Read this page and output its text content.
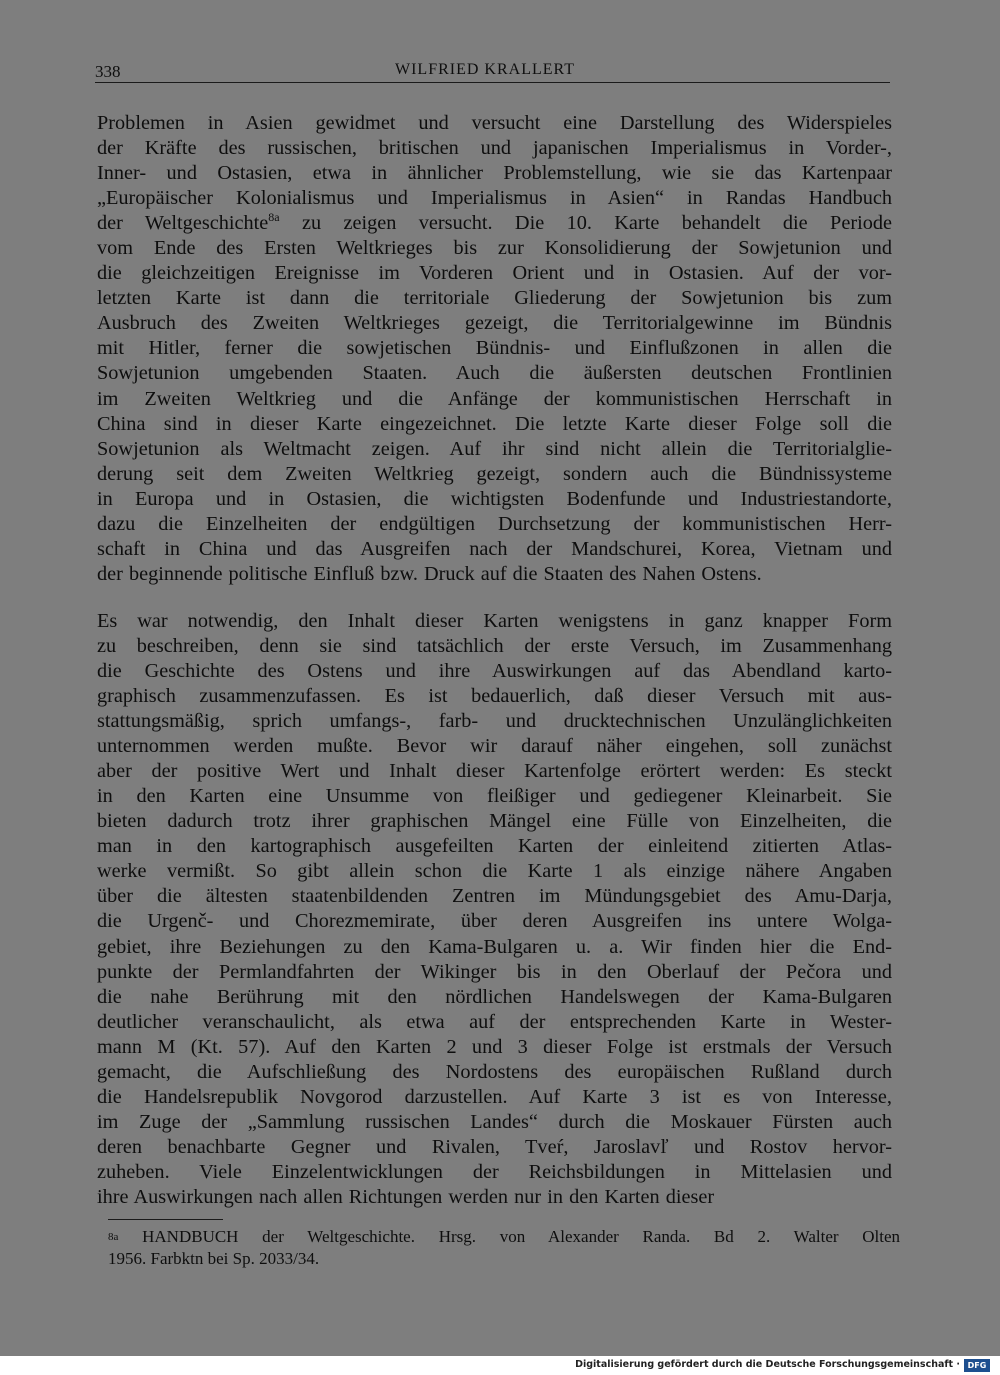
338	WILFRIED KRALLERT

Problemen in Asien gewidmet und versucht eine Darstellung des Widerspieles

der Kräfte des russischen, britischen und japanischen Imperialismus in Vorder-,

Inner- und Ostasien, etwa in ähnlicher Problemstellung, wie sie das Kartenpaar

„Europäischer Kolonialismus und Imperialismus in Asien“ in Randas Handbuch

der Weltgeschichte$^{8a}$ zu zeigen versucht. Die 10. Karte behandelt die Periode

vom Ende des Ersten Weltkrieges bis zur Konsolidierung der Sowjetunion und

die gleichzeitigen Ereignisse im Vorderen Orient und in Ostasien. Auf der vor-

letzten Karte ist dann die territoriale Gliederung der Sowjetunion bis zum

Ausbruch des Zweiten Weltkrieges gezeigt, die Territorialgewinne im Bündnis

mit Hitler, ferner die sowjetischen Bündnis- und Einflußzonen in allen die

Sowjetunion umgebenden Staaten. Auch die äußersten deutschen Frontlinien

im Zweiten Weltkrieg und die Anfänge der kommunistischen Herrschaft in

China sind in dieser Karte eingezeichnet. Die letzte Karte dieser Folge soll die

Sowjetunion als Weltmacht zeigen. Auf ihr sind nicht allein die Territorialglie-

derung seit dem Zweiten Weltkrieg gezeigt, sondern auch die Bündnissysteme

in Europa und in Ostasien, die wichtigsten Bodenfunde und Industriestandorte,

dazu die Einzelheiten der endgültigen Durchsetzung der kommunistischen Herr-

schaft in China und das Ausgreifen nach der Mandschurei, Korea, Vietnam und

der beginnende politische Einfluß bzw. Druck auf die Staaten des Nahen Ostens.

Es war notwendig, den Inhalt dieser Karten wenigstens in ganz knapper Form

zu beschreiben, denn sie sind tatsächlich der erste Versuch, im Zusammenhang

die Geschichte des Ostens und ihre Auswirkungen auf das Abendland karto-

graphisch zusammenzufassen. Es ist bedauerlich, daß dieser Versuch mit aus-

stattungsmäßig, sprich umfangs-, farb- und drucktechnischen Unzulänglichkeiten

unternommen werden mußte. Bevor wir darauf näher eingehen, soll zunächst

aber der positive Wert und Inhalt dieser Kartenfolge erörtert werden: Es steckt

in den Karten eine Unsumme von fleißiger und gediegener Kleinarbeit. Sie

bieten dadurch trotz ihrer graphischen Mängel eine Fülle von Einzelheiten, die

man in den kartographisch ausgefeilten Karten der einleitend zitierten Atlas-

werke vermißt. So gibt allein schon die Karte 1 als einzige nähere Angaben

über die ältesten staatenbildenden Zentren im Mündungsgebiet des Amu-Darja,

die Urgenč- und Chorezmemirate, über deren Ausgreifen ins untere Wolga-

gebiet, ihre Beziehungen zu den Kama-Bulgaren u. a. Wir finden hier die End-

punkte der Permlandfahrten der Wikinger bis in den Oberlauf der Pečora und

die nahe Berührung mit den nördlichen Handelswegen der Kama-Bulgaren

deutlicher veranschaulicht, als etwa auf der entsprechenden Karte in Wester-

mann M (Kt. 57). Auf den Karten 2 und 3 dieser Folge ist erstmals der Versuch

gemacht, die Aufschließung des Nordostens des europäischen Rußland durch

die Handelsrepublik Novgorod darzustellen. Auf Karte 3 ist es von Interesse,

im Zuge der „Sammlung russischen Landes“ durch die Moskauer Fürsten auch

deren benachbarte Gegner und Rivalen, Tveŕ, Jaroslavľ und Rostov hervor-

zuheben. Viele Einzelentwicklungen der Reichsbildungen in Mittelasien und

ihre Auswirkungen nach allen Richtungen werden nur in den Karten dieser

$^{8a}$ HANDBUCH der Weltgeschichte. Hrsg. von Alexander Randa. Bd 2. Walter Olten

1956. Farbktn bei Sp. 2033/34.

Digitalisierung gefördert durch die Deutsche Forschungsgemeinschaft · DFG
